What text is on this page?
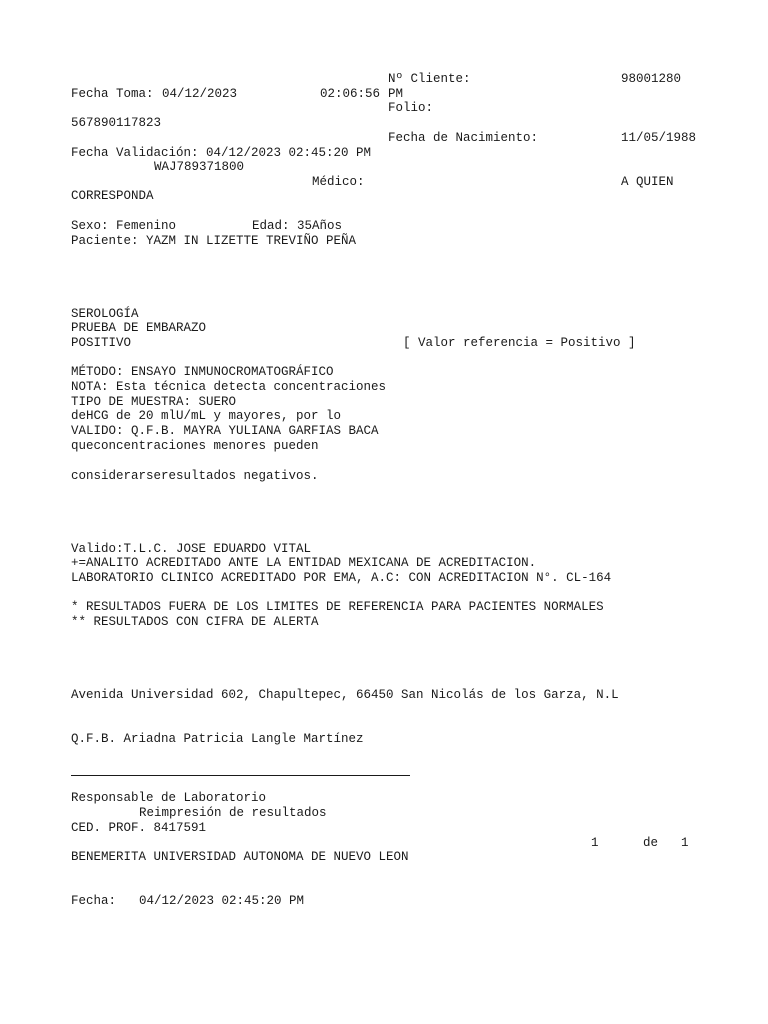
Nº Cliente:	98001280
Fecha Toma: 04/12/2023	02:06:56 PM
Folio:
567890117823
Fecha de Nacimiento:	11/05/1988
Fecha Validación: 04/12/2023 02:45:20 PM
WAJ789371800
Médico:	A QUIEN
CORRESPONDA
Sexo: Femenino	Edad: 35Años
Paciente: YAZM IN LIZETTE TREVIÑO PEÑA
SEROLOGÍA
PRUEBA DE EMBARAZO
POSITIVO	[ Valor referencia = Positivo ]
MÉTODO: ENSAYO INMUNOCROMATOGRÁFICO
NOTA: Esta técnica detecta concentraciones
TIPO DE MUESTRA: SUERO
deHCG de 20 mlU/mL y mayores, por lo
VALIDO: Q.F.B. MAYRA YULIANA GARFIAS BACA
queconcentraciones menores pueden
considerarseresultados negativos.
Valido:T.L.C. JOSE EDUARDO VITAL
+=ANALITO ACREDITADO ANTE LA ENTIDAD MEXICANA DE ACREDITACION.
LABORATORIO CLINICO ACREDITADO POR EMA, A.C: CON ACREDITACION N°. CL-164
* RESULTADOS FUERA DE LOS LIMITES DE REFERENCIA PARA PACIENTES NORMALES
** RESULTADOS CON CIFRA DE ALERTA
Avenida Universidad 602, Chapultepec, 66450 San Nicolás de los Garza, N.L
Q.F.B. Ariadna Patricia Langle Martínez
Responsable de Laboratorio
Reimpresión de resultados
CED. PROF. 8417591
1	de 1
BENEMERITA UNIVERSIDAD AUTONOMA DE NUEVO LEON
Fecha: 04/12/2023 02:45:20 PM
